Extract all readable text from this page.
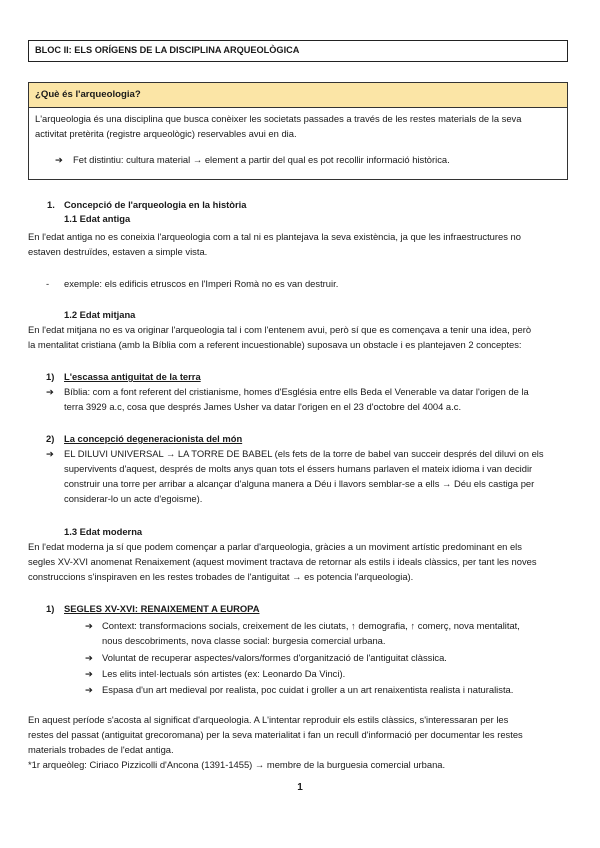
BLOC II: ELS ORÍGENS DE LA DISCIPLINA ARQUEOLÒGICA
¿Què és l'arqueologia?

L'arqueologia és una disciplina que busca conèixer les societats passades a través de les restes materials de la seva

activitat pretèrita (registre arqueològic) reservables avui en dia.

➔ Fet distintiu: cultura material → element a partir del qual es pot recollir informació històrica.

1. Concepció de l'arqueologia en la història
1.1 Edat antiga
En l'edat antiga no es coneixia l'arqueologia com a tal ni es plantejava la seva existència, ja que les infraestructures no
estaven destruïdes, estaven a simple vista.
- exemple: els edificis etruscos en l'Imperi Romà no es van destruir.
1.2 Edat mitjana
En l'edat mitjana no es va originar l'arqueologia tal i com l'entenem avui, però sí que es començava a tenir una idea, però
la mentalitat cristiana (amb la Bíblia com a referent incuestionable) suposava un obstacle i es plantejaven 2 conceptes:
1) L'escassa antiguitat de la terra
➔ Bíblia: com a font referent del cristianisme, homes d'Església entre ells Beda el Venerable va datar l'origen de la
terra 3929 a.c, cosa que després James Usher va datar l'origen en el 23 d'octobre del 4004 a.c.
2) La concepció degeneracionista del món
➔ EL DILUVI UNIVERSAL → LA TORRE DE BABEL (els fets de la torre de babel van succeir després del diluvi on els
supervivents d'aquest, després de molts anys quan tots el éssers humans parlaven el mateix idioma i van decidir
construir una torre per arribar a alcançar d'alguna manera a Déu i llavors semblar-se a ells → Déu els castiga per
considerar-lo un acte d'egoisme).
1.3 Edat moderna
En l'edat moderna ja sí que podem començar a parlar d'arqueologia, gràcies a un moviment artístic predominant en els
segles XV-XVI anomenat Renaixement (aquest moviment tractava de retornar als estils i ideals clàssics, per tant les noves
construccions s'inspiraven en les restes trobades de l'antiguitat → es potencia l'arqueologia).
1) SEGLES XV-XVI: RENAIXEMENT A EUROPA
➔ Context: transformacions socials, creixement de les ciutats, ↑ demografia, ↑ comerç, nova mentalitat,
nous descobriments, nova classe social: burgesia comercial urbana.
➔ Voluntat de recuperar aspectes/valors/formes d'organització de l'antiguitat clàssica.
➔ Les elits intel·lectuals són artistes (ex: Leonardo Da Vinci).
➔ Espasa d'un art medieval por realista, poc cuidat i groller a un art renaixentista realista i naturalista.
En aquest període s'acosta al significat d'arqueologia. A L'intentar reproduir els estils clàssics, s'interessaran per les
restes del passat (antiguitat grecoromana) per la seva materialitat i fan un recull d'informació per documentar les restes
materials trobades de l'edat antiga.
*1r arqueòleg: Ciriaco Pizzicolli d'Ancona (1391-1455) → membre de la burguesia comercial urbana.
1
